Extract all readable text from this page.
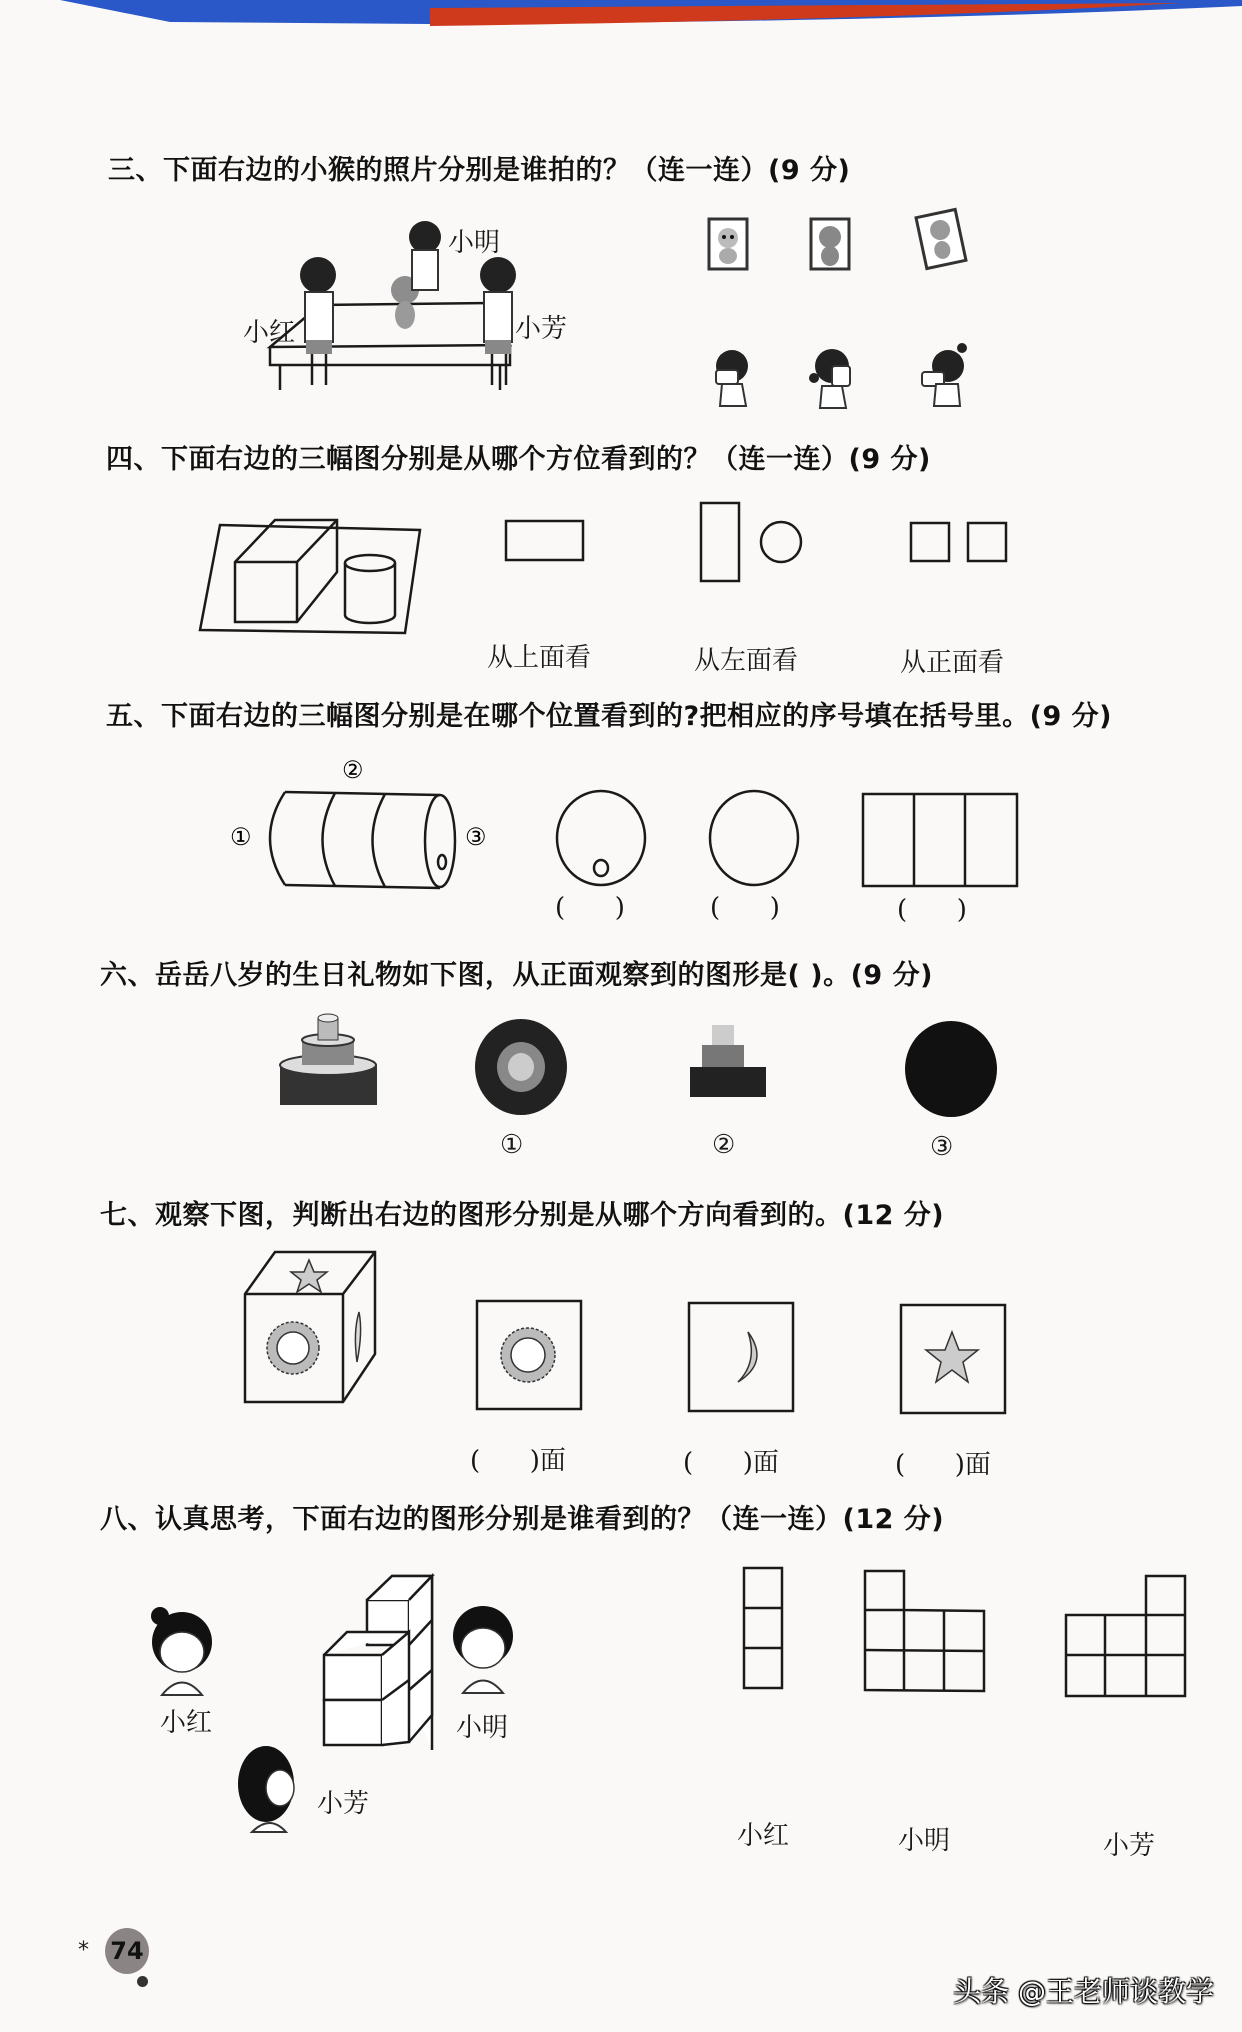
三、下面右边的小猴的照片分别是谁拍的？（连一连）(9 分)
小明
小红	小芳
四、下面右边的三幅图分别是从哪个方位看到的？（连一连）(9 分)
从上面看	从左面看	从正面看
五、下面右边的三幅图分别是在哪个位置看到的?把相应的序号填在括号里。(9 分)
②
①	③
(      )	(      )	(      )
六、岳岳八岁的生日礼物如下图，从正面观察到的图形是( )。(9 分)
①	②	③
七、观察下图，判断出右边的图形分别是从哪个方向看到的。(12 分)
(      )面	(      )面	(      )面
八、认真思考，下面右边的图形分别是谁看到的？（连一连）(12 分)
小红	小明
小芳
小红	小明	小芳
* 74
头条 @王老师谈教学
